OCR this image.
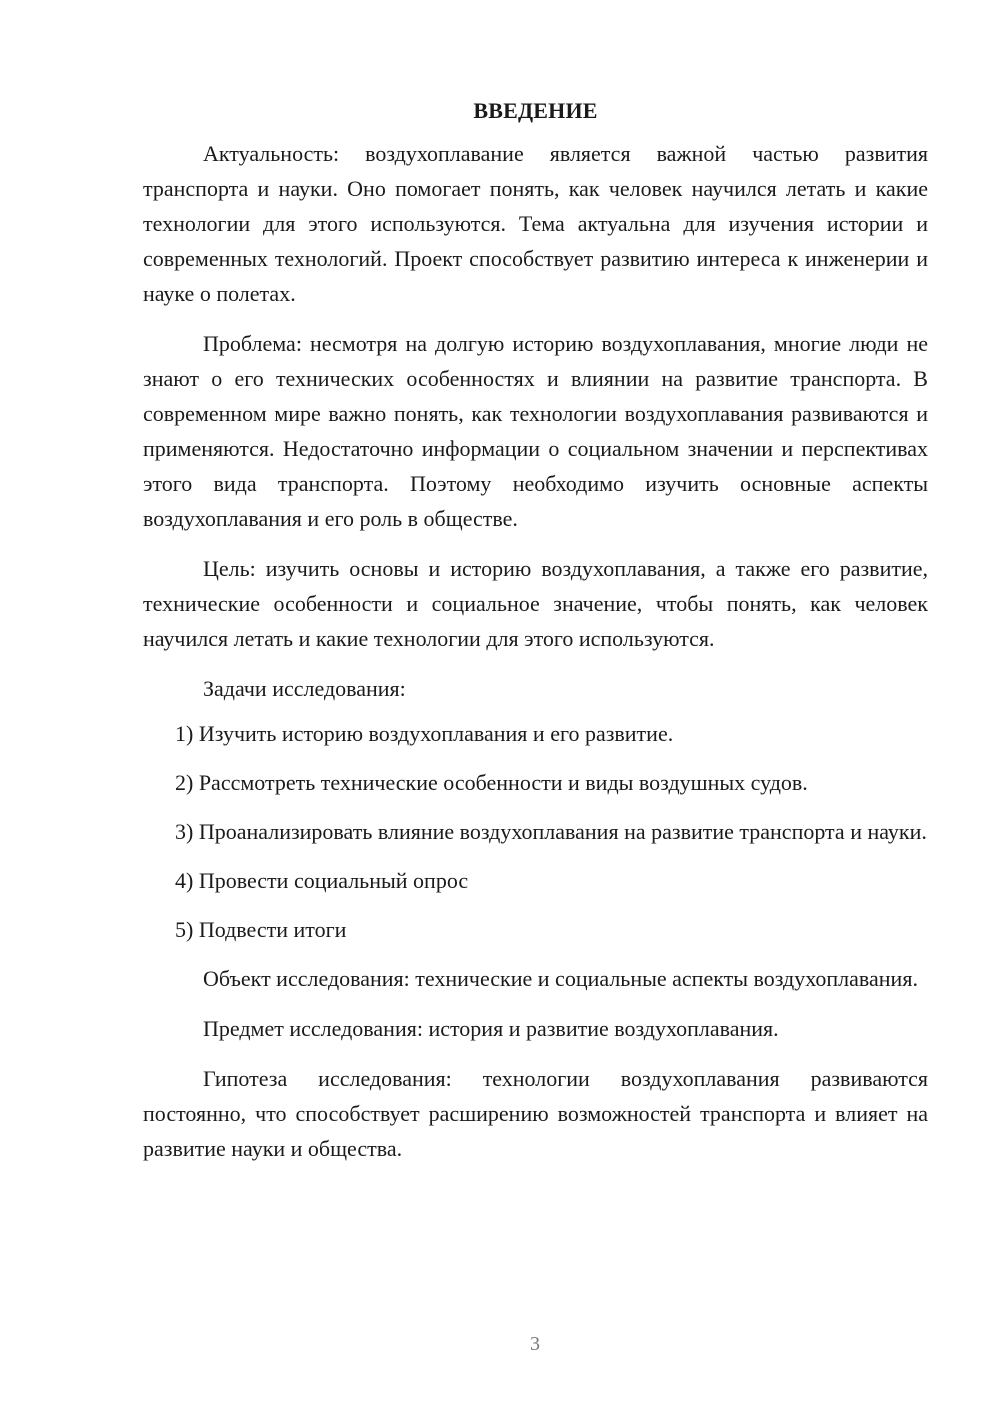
ВВЕДЕНИЕ

Актуальность: воздухоплавание является важной частью развития транспорта и науки. Оно помогает понять, как человек научился летать и какие технологии для этого используются. Тема актуальна для изучения истории и современных технологий. Проект способствует развитию интереса к инженерии и науке о полетах.

Проблема: несмотря на долгую историю воздухоплавания, многие люди не знают о его технических особенностях и влиянии на развитие транспорта. В современном мире важно понять, как технологии воздухоплавания развиваются и применяются. Недостаточно информации о социальном значении и перспективах этого вида транспорта. Поэтому необходимо изучить основные аспекты воздухоплавания и его роль в обществе.

Цель: изучить основы и историю воздухоплавания, а также его развитие, технические особенности и социальное значение, чтобы понять, как человек научился летать и какие технологии для этого используются.

Задачи исследования:

1) Изучить историю воздухоплавания и его развитие.

2) Рассмотреть технические особенности и виды воздушных судов.

3) Проанализировать влияние воздухоплавания на развитие транспорта и науки.

4) Провести социальный опрос

5) Подвести итоги

Объект исследования: технические и социальные аспекты воздухоплавания.

Предмет исследования: история и развитие воздухоплавания.

Гипотеза исследования: технологии воздухоплавания развиваются постоянно, что способствует расширению возможностей транспорта и влияет на развитие науки и общества.

3
